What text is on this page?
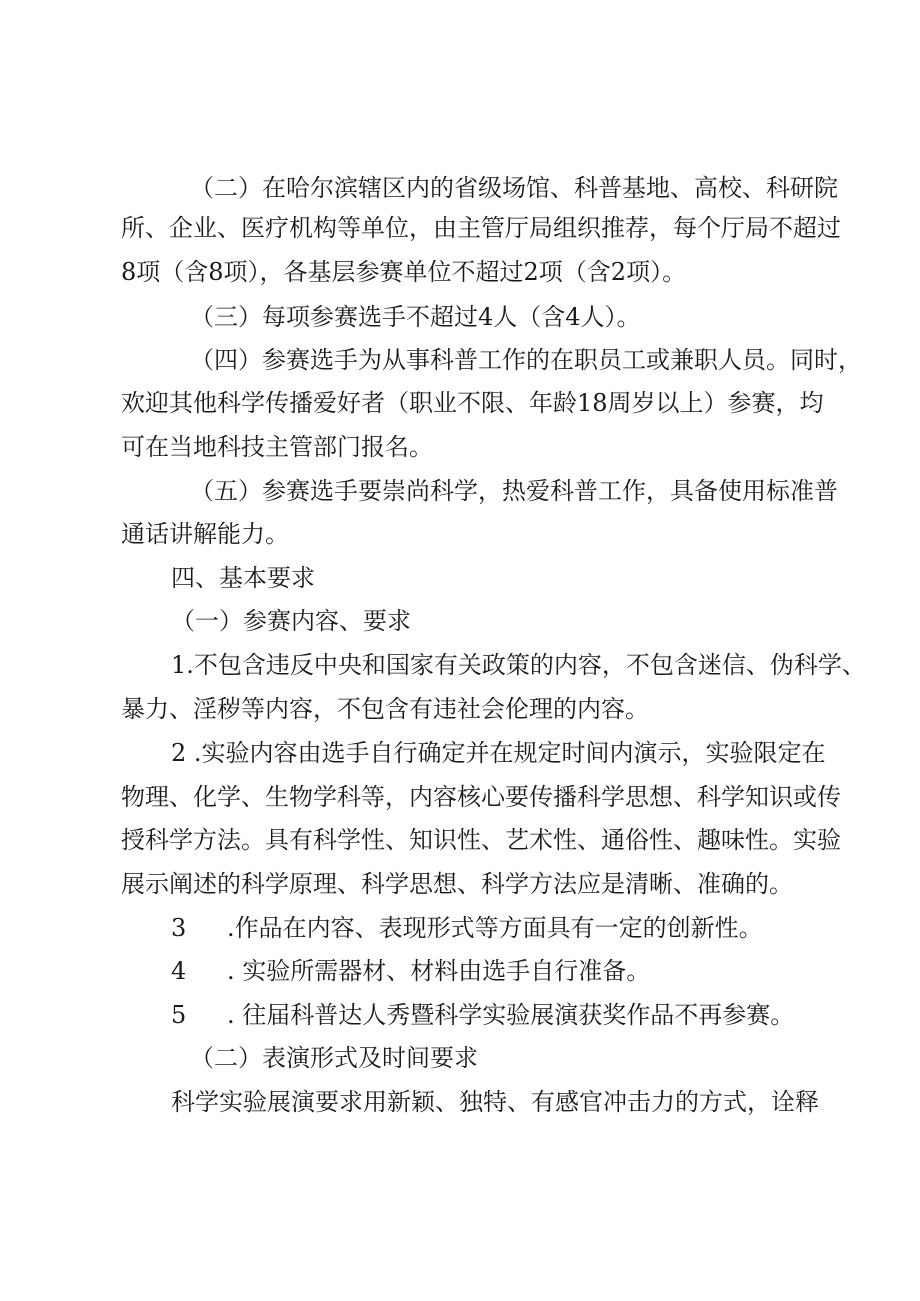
（二）在哈尔滨辖区内的省级场馆、科普基地、高校、科研院

所、企业、医疗机构等单位，由主管厅局组织推荐，每个厅局不超过

8项（含8项），各基层参赛单位不超过2项（含2项）。

（三）每项参赛选手不超过4人（含4人）。

（四）参赛选手为从事科普工作的在职员工或兼职人员。同时，

欢迎其他科学传播爱好者（职业不限、年龄18周岁以上）参赛，均

可在当地科技主管部门报名。

（五）参赛选手要崇尚科学，热爱科普工作，具备使用标准普

通话讲解能力。

四、基本要求

（一）参赛内容、要求

1.不包含违反中央和国家有关政策的内容，不包含迷信、伪科学、

暴力、淫秽等内容，不包含有违社会伦理的内容。

2 .实验内容由选手自行确定并在规定时间内演示，实验限定在

物理、化学、生物学科等，内容核心要传播科学思想、科学知识或传

授科学方法。具有科学性、知识性、艺术性、通俗性、趣味性。实验

展示阐述的科学原理、科学思想、科学方法应是清晰、准确的。

3 .作品在内容、表现形式等方面具有一定的创新性。

4 . 实验所需器材、材料由选手自行准备。

5 . 往届科普达人秀暨科学实验展演获奖作品不再参赛。

（二）表演形式及时间要求

科学实验展演要求用新颖、独特、有感官冲击力的方式，诠释
